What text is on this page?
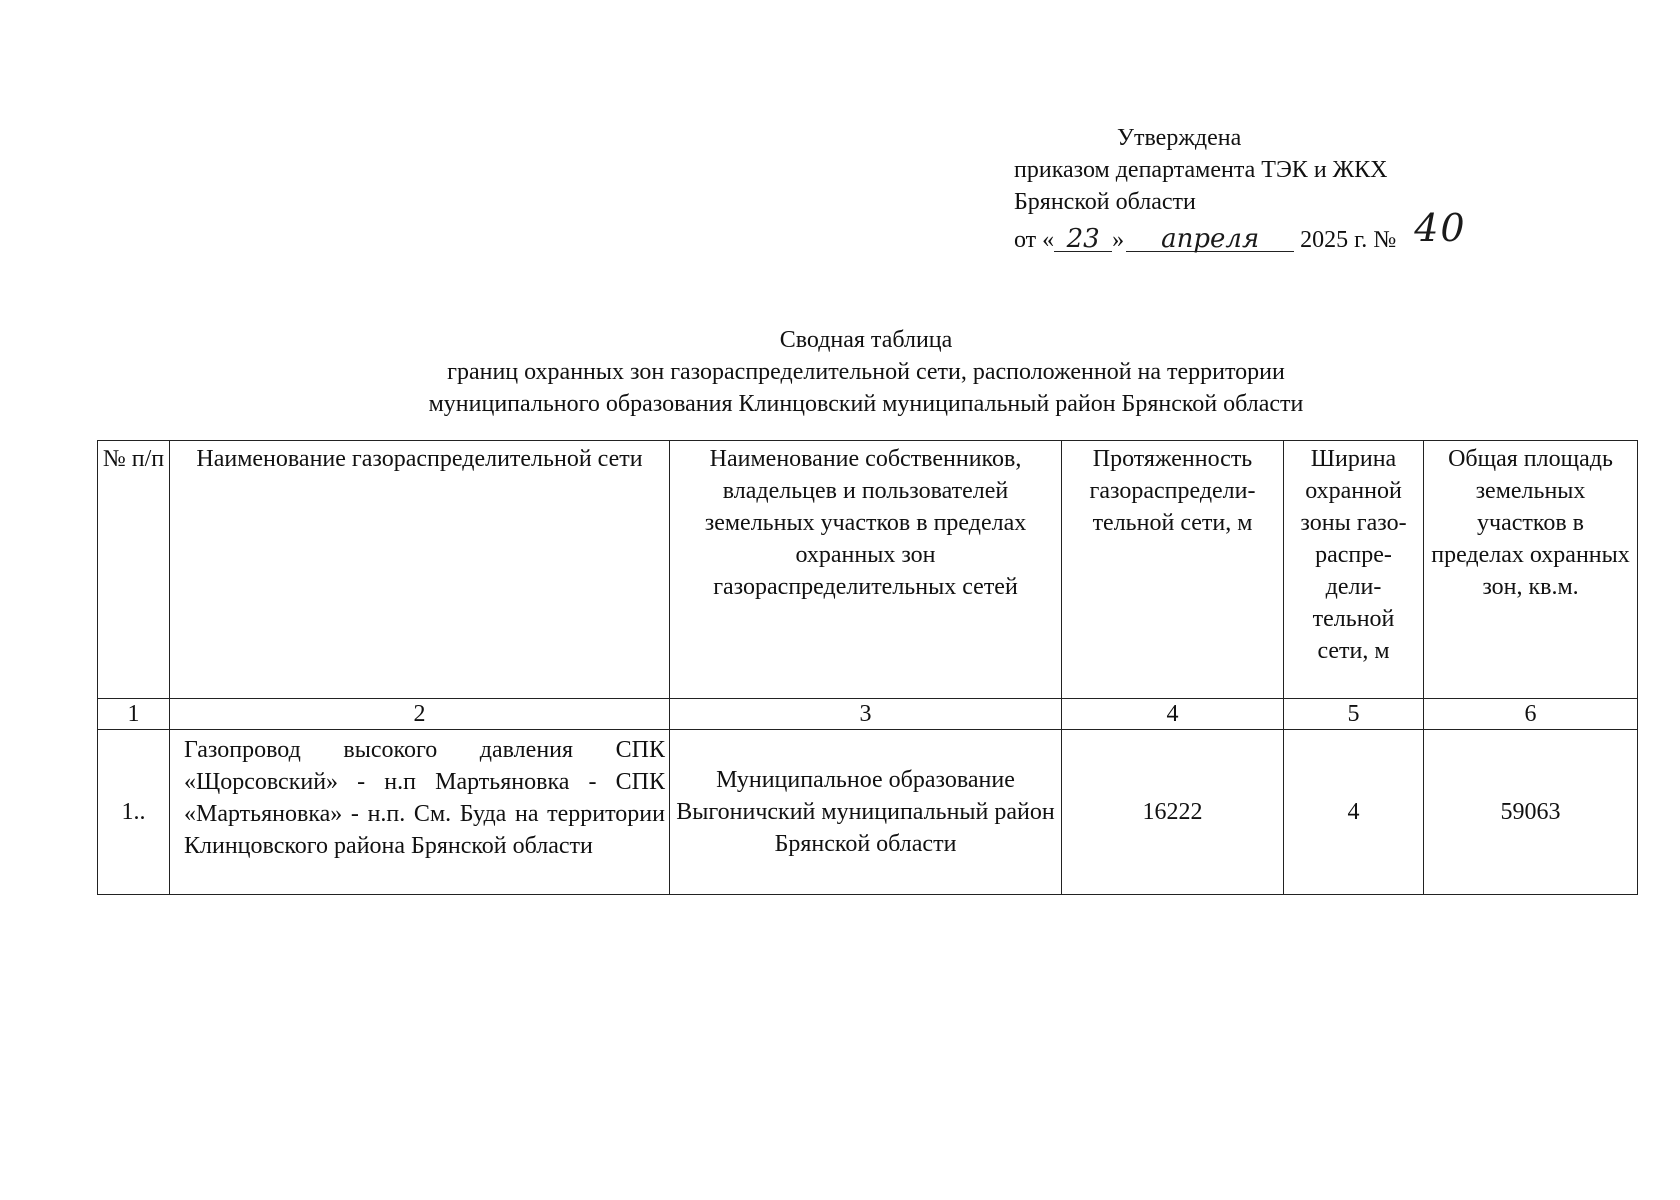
Утверждена
приказом департамента ТЭК и ЖКХ
Брянской области
от « 23 » апреля 2025 г. № 40
Сводная таблица
границ охранных зон газораспределительной сети, расположенной на территории
муниципального образования Клинцовский муниципальный район Брянской области
№ п/п	Наименование газораспределительной сети	Наименование собственников, владельцев и пользователей земельных участков в пределах охранных зон газораспределительных сетей	Протяженность газораспредели-тельной сети, м	Ширина охранной зоны газо-распре-дели-тельной сети, м	Общая площадь земельных участков в пределах охранных зон, кв.м.
1	2	3	4	5	6
1..	Газопровод высокого давления СПК «Щорсовский» - н.п Мартьяновка - СПК «Мартьяновка» - н.п. См. Буда на территории Клинцовского района Брянской области	Муниципальное образование Выгоничский муниципальный район Брянской области	16222	4	59063
